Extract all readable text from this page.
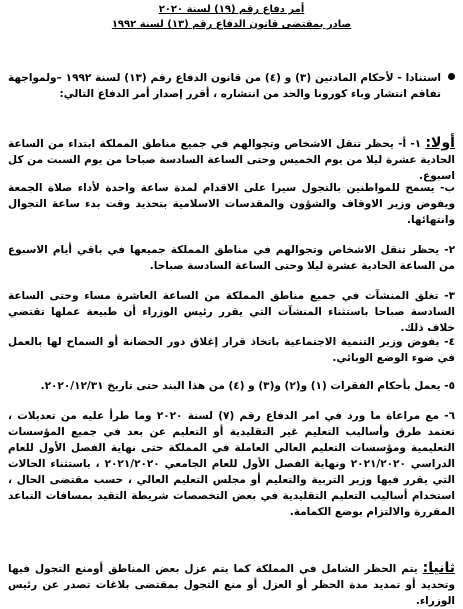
أمر دفاع رقم (١٩) لسنة ٢٠٢٠
صادر بمقتضى قانون الدفاع رقم (١٣) لسنة ١٩٩٢
استنادا - لأحكام المادتين (٣) و (٤) من قانون الدفاع رقم (١٣) لسنة ١٩٩٢ –ولمواجهة تفاقم انتشار وباء كورونا والحد من انتشاره ، أقرر إصدار أمر الدفاع التالي:
أولا: ١- أ- يحظر تنقل الاشخاص وتجوالهم في جميع مناطق المملكة ابتداء من الساعة الحادية عشرة ليلا من يوم الخميس وحتى الساعة السادسة صباحا من يوم السبت من كل اسبوع.
ب- يسمح للمواطنين بالتجول سيرا على الاقدام لمدة ساعة واحدة لأداء صلاة الجمعة ويفوض وزير الاوقاف والشؤون والمقدسات الاسلامية بتحديد وقت بدء ساعة التجوال وانتهائها.
٢- يحظر تنقل الاشخاص وتجوالهم في مناطق المملكة جميعها في باقي أيام الاسبوع من الساعة الحادية عشرة ليلا وحتى الساعة السادسة صباحا.
٣- تغلق المنشآت في جميع مناطق المملكة من الساعة العاشرة مساء وحتى الساعة السادسة صباحا باستثناء المنشآت التي يقرر رئيس الوزراء أن طبيعة عملها تقتضي خلاف ذلك.
٤- يفوض وزير التنمية الاجتماعية باتخاذ قرار إغلاق دور الحضانة أو السماح لها بالعمل في ضوء الوضع الوبائي.
٥- يعمل بأحكام الفقرات (١) و(٢) و(٣) و (٤) من هذا البند حتى تاريخ ٢٠٢٠/١٢/٣١.
٦- مع مراعاة ما ورد في امر الدفاع رقم (٧) لسنة ٢٠٢٠ وما طرأ عليه من تعديلات ، تعتمد طرق وأساليب التعليم غير التقليدية أو التعليم عن بعد في جميع المؤسسات التعليمية ومؤسسات التعليم العالي العاملة في المملكة حتى نهاية الفصل الأول للعام الدراسي ٢٠٢١/٢٠٢٠ ونهاية الفصل الأول للعام الجامعي ٢٠٢١/٢٠٢٠ ، باستثناء الحالات التي يقرر فيها وزير التربية والتعليم أو مجلس التعليم العالي ، حسب مقتضى الحال ، استخدام أساليب التعليم التقليدية في بعض التخصصات شريطة التقيد بمسافات التباعد المقررة والالتزام بوضع الكمامة.
ثانيا: يتم الحظر الشامل في المملكة كما يتم عزل بعض المناطق أومنع التجول فيها وتحديد أو تمديد مدة الحظر أو العزل أو منع التجول بمقتضى بلاغات تصدر عن رئيس الوزراء.
